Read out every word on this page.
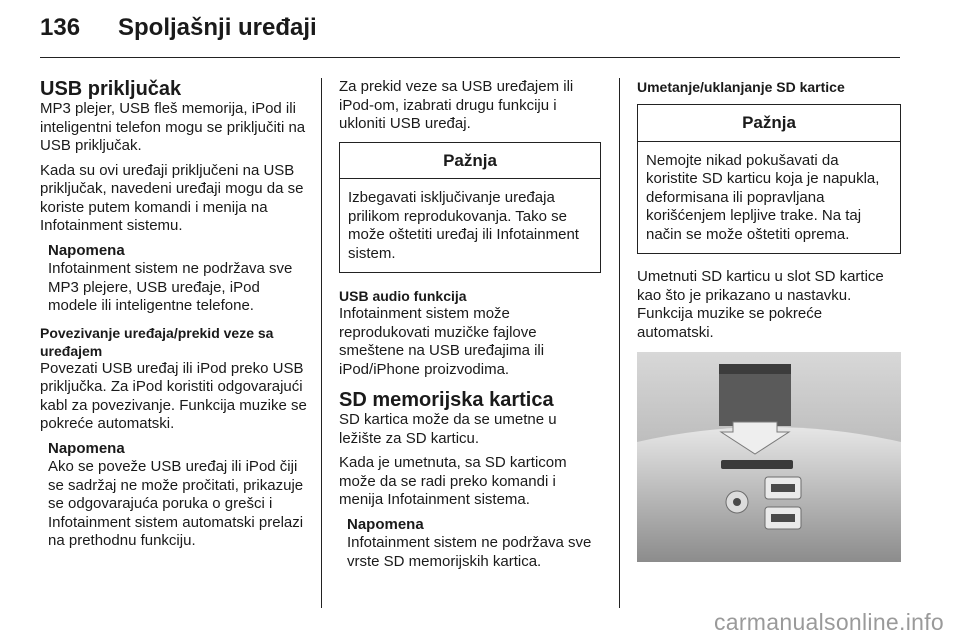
136 Spoljašnji uređaji
USB priključak

MP3 plejer, USB fleš memorija, iPod ili inteligentni telefon mogu se priključiti na USB priključak.

Kada su ovi uređaji priključeni na USB priključak, navedeni uređaji mogu da se koriste putem komandi i menija na Infotainment sistemu.

Napomena
Infotainment sistem ne podržava sve MP3 plejere, USB uređaje, iPod modele ili inteligentne telefone.
Povezivanje uređaja/prekid veze sa uređajem

Povezati USB uređaj ili iPod preko USB priključka. Za iPod koristiti odgovarajući kabl za povezivanje. Funkcija muzike se pokreće automatski.

Napomena
Ako se poveže USB uređaj ili iPod čiji se sadržaj ne može pročitati, prikazuje se odgovarajuća poruka o grešci i Infotainment sistem automatski prelazi na prethodnu funkciju.

Za prekid veze sa USB uređajem ili iPod-om, izabrati drugu funkciju i ukloniti USB uređaj.

Pažnja
Izbegavati isključivanje uređaja prilikom reprodukovanja. Tako se može oštetiti uređaj ili Infotainment sistem.
USB audio funkcija

Infotainment sistem može reprodukovati muzičke fajlove smeštene na USB uređajima ili iPod/iPhone proizvodima.

SD memorijska kartica

SD kartica može da se umetne u ležište za SD karticu.

Kada je umetnuta, sa SD karticom može da se radi preko komandi i menija Infotainment sistema.

Napomena
Infotainment sistem ne podržava sve vrste SD memorijskih kartica.
Umetanje/uklanjanje SD kartice
Pažnja
Nemojte nikad pokušavati da koristite SD karticu koja je napukla, deformisana ili popravljana korišćenjem lepljive trake. Na taj način se može oštetiti oprema.

Umetnuti SD karticu u slot SD kartice kao što je prikazano u nastavku. Funkcija muzike se pokreće automatski.

carmanualsonline.info
